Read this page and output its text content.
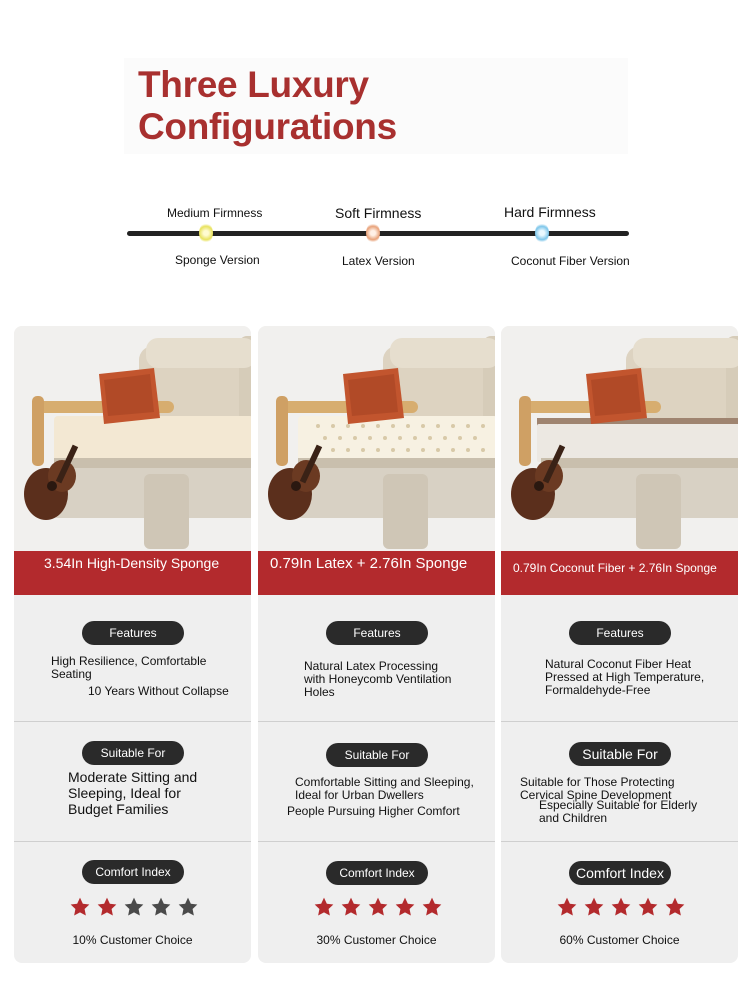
Three Luxury
Configurations
Medium Firmness	Soft Firmness	Hard Firmness
Sponge Version	Latex Version	Coconut Fiber Version
3.54In High-Density Sponge
Features
High Resilience, Comfortable Seating
10 Years Without Collapse
Suitable For
Moderate Sitting and Sleeping, Ideal for Budget Families
Comfort Index
10% Customer Choice
0.79In Latex + 2.76In Sponge
Features
Natural Latex Processing with Honeycomb Ventilation Holes
Suitable For
Comfortable Sitting and Sleeping, Ideal for Urban Dwellers
People Pursuing Higher Comfort
Comfort Index
30% Customer Choice
0.79In Coconut Fiber + 2.76In Sponge
Features
Natural Coconut Fiber Heat Pressed at High Temperature, Formaldehyde-Free
Suitable For
Suitable for Those Protecting Cervical Spine Development
Especially Suitable for Elderly and Children
Comfort Index
60% Customer Choice
